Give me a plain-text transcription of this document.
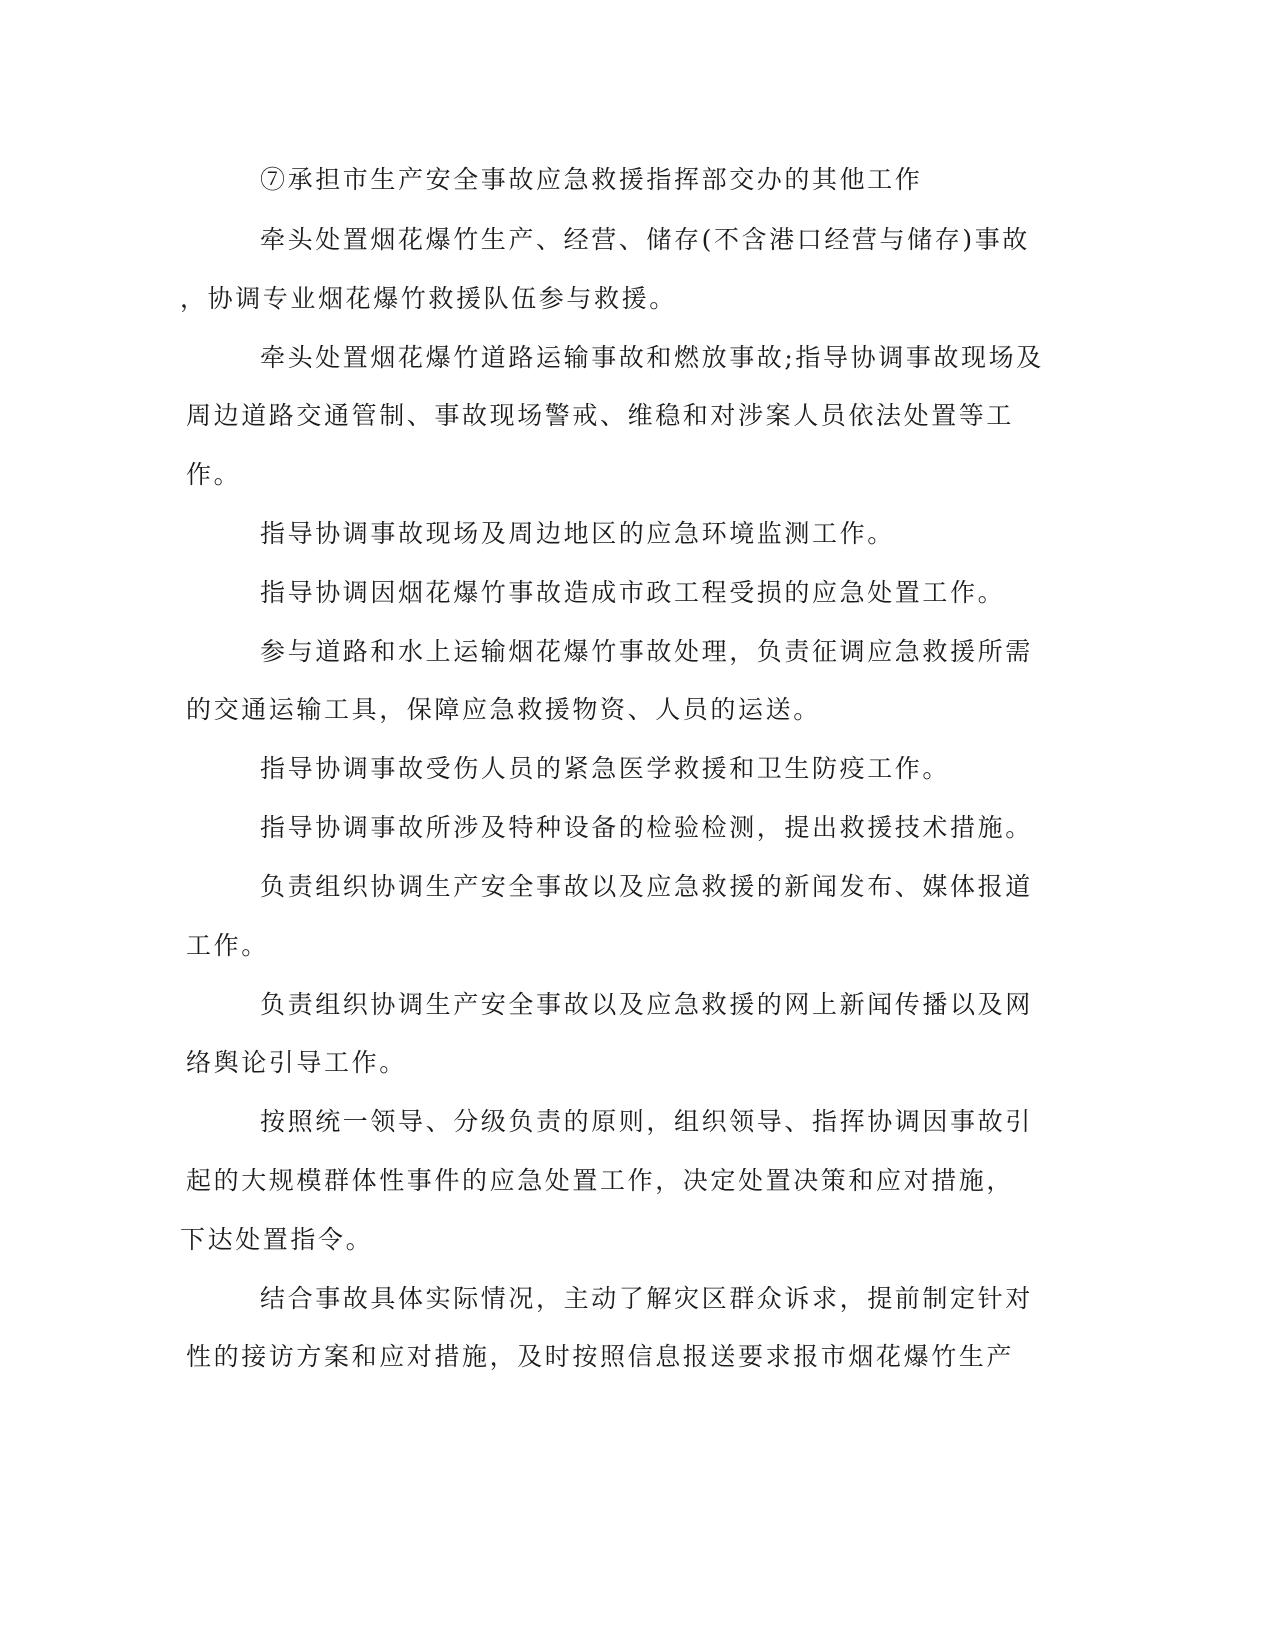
⑦承担市生产安全事故应急救援指挥部交办的其他工作
牵头处置烟花爆竹生产、经营、储存(不含港口经营与储存)事故
，协调专业烟花爆竹救援队伍参与救援。
牵头处置烟花爆竹道路运输事故和燃放事故;指导协调事故现场及
周边道路交通管制、事故现场警戒、维稳和对涉案人员依法处置等工
作。
指导协调事故现场及周边地区的应急环境监测工作。
指导协调因烟花爆竹事故造成市政工程受损的应急处置工作。
参与道路和水上运输烟花爆竹事故处理，负责征调应急救援所需
的交通运输工具，保障应急救援物资、人员的运送。
指导协调事故受伤人员的紧急医学救援和卫生防疫工作。
指导协调事故所涉及特种设备的检验检测，提出救援技术措施。
负责组织协调生产安全事故以及应急救援的新闻发布、媒体报道
工作。
负责组织协调生产安全事故以及应急救援的网上新闻传播以及网
络舆论引导工作。
按照统一领导、分级负责的原则，组织领导、指挥协调因事故引
起的大规模群体性事件的应急处置工作，决定处置决策和应对措施，
下达处置指令。
结合事故具体实际情况，主动了解灾区群众诉求，提前制定针对
性的接访方案和应对措施，及时按照信息报送要求报市烟花爆竹生产
